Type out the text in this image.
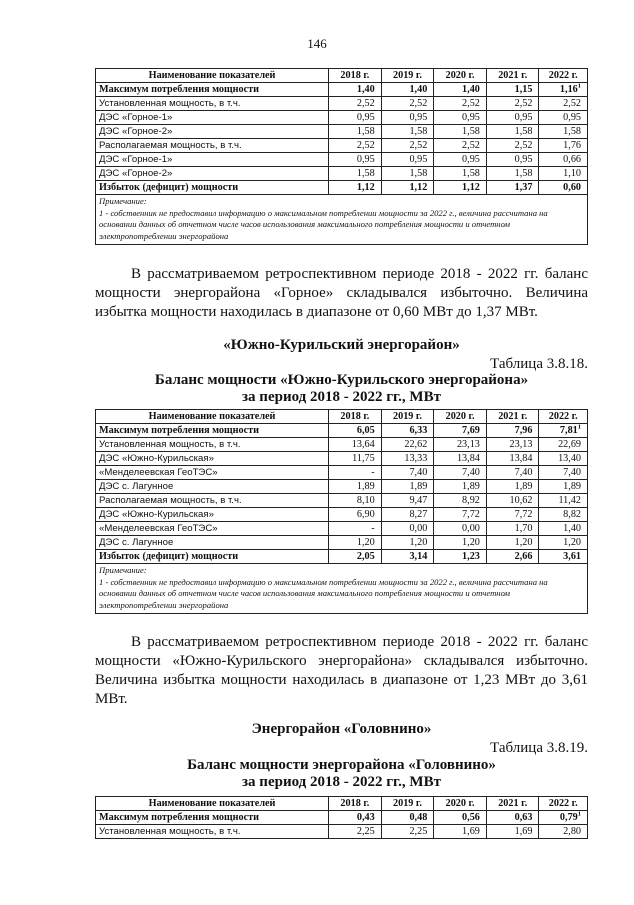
146
Наименование показателей	2018 г.	2019 г.	2020 г.	2021 г.	2022 г.
Максимум потребления мощности	1,40	1,40	1,40	1,15	1,16$^1$
Установленная мощность, в т.ч.	2,52	2,52	2,52	2,52	2,52
ДЭС «Горное-1»	0,95	0,95	0,95	0,95	0,95
ДЭС «Горное-2»	1,58	1,58	1,58	1,58	1,58
Располагаемая мощность, в т.ч.	2,52	2,52	2,52	2,52	1,76
ДЭС «Горное-1»	0,95	0,95	0,95	0,95	0,66
ДЭС «Горное-2»	1,58	1,58	1,58	1,58	1,10
Избыток (дефицит) мощности	1,12	1,12	1,12	1,37	0,60

Примечание:

1 - собственник не предоставил информацию о максимальном потреблении мощности за 2022 г., величина рассчитана на основании данных об отчетном числе часов использования максимального потребления мощности и отчетном электропотреблении энергорайона					

В рассматриваемом ретроспективном периоде 2018 - 2022 гг. баланс мощности энергорайона «Горное» складывался избыточно. Величина избытка мощности находилась в диапазоне от 0,60 МВт до 1,37 МВт.

«Южно-Курильский энергорайон»
Таблица 3.8.18.
Баланс мощности «Южно-Курильского энергорайона»
за период 2018 - 2022 гг., МВт
Наименование показателей	2018 г.	2019 г.	2020 г.	2021 г.	2022 г.
Максимум потребления мощности	6,05	6,33	7,69	7,96	7,81$^1$
Установленная мощность, в т.ч.	13,64	22,62	23,13	23,13	22,69
ДЭС «Южно-Курильская»	11,75	13,33	13,84	13,84	13,40
«Менделеевская ГеоТЭС»	-	7,40	7,40	7,40	7,40
ДЭС с. Лагунное	1,89	1,89	1,89	1,89	1,89
Располагаемая мощность, в т.ч.	8,10	9,47	8,92	10,62	11,42
ДЭС «Южно-Курильская»	6,90	8,27	7,72	7,72	8,82
«Менделеевская ГеоТЭС»	-	0,00	0,00	1,70	1,40
ДЭС с. Лагунное	1,20	1,20	1,20	1,20	1,20
Избыток (дефицит) мощности	2,05	3,14	1,23	2,66	3,61

Примечание:

1 - собственник не предоставил информацию о максимальном потреблении мощности за 2022 г., величина рассчитана на основании данных об отчетном числе часов использования максимального потребления мощности и отчетном электропотреблении энергорайона					

В рассматриваемом ретроспективном периоде 2018 - 2022 гг. баланс мощности «Южно-Курильского энергорайона» складывался избыточно. Величина избытка мощности находилась в диапазоне от 1,23 МВт до 3,61 МВт.

Энергорайон «Головнино»
Таблица 3.8.19.
Баланс мощности энергорайона «Головнино»
за период 2018 - 2022 гг., МВт
Наименование показателей	2018 г.	2019 г.	2020 г.	2021 г.	2022 г.
Максимум потребления мощности	0,43	0,48	0,56	0,63	0,79$^1$
Установленная мощность, в т.ч.	2,25	2,25	1,69	1,69	2,80
